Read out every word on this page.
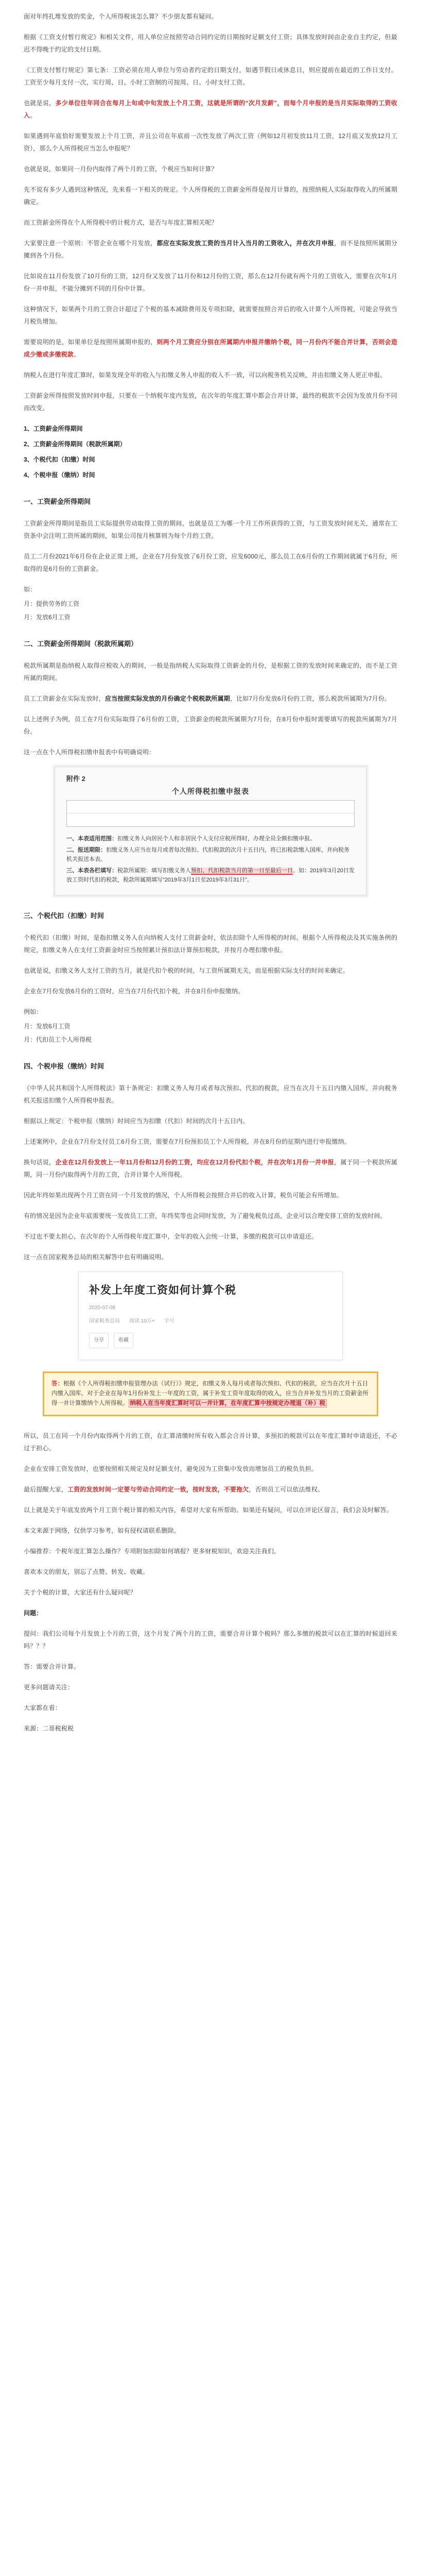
面对年终扎堆发放的奖金，个人所得税该怎么算？不少朋友都有疑问。

根据《工资支付暂行规定》和相关文件，用人单位应按照劳动合同约定的日期按时足额支付工资；具体发放时间由企业自主约定，但最迟不得晚于约定的支付日期。

《工资支付暂行规定》第七条：工资必须在用人单位与劳动者约定的日期支付，如遇节假日或休息日，则应提前在最近的工作日支付。工资至少每月支付一次，实行周、日、小时工资制的可按周、日、小时支付工资。

也就是说，多少单位往年同合在每月上旬或中旬发放上个月工资，这就是所谓的“次月发薪”，而每个月申报的是当月实际取得的工资收入。

如果遇到年底恰好需要发放上个月工资，并且公司在年底前一次性发放了两次工资（例如12月初发放11月工资，12月底又发放12月工资），那么个人所得税应当怎么申报呢？

也就是说，如果同一月份内取得了两个月的工资，个税应当如何计算？

先不说有多少人遇到这种情况，先来看一下相关的规定。个人所得税的工资薪金所得是按月计算的，按照纳税人实际取得收入的所属期确定。

而工资薪金所得在个人所得税中的计税方式，是否与年度汇算相关呢？

大家要注意一个原则：不管企业在哪个月发放，都应在实际发放工资的当月计入当月的工资收入，并在次月申报，而不是按照所属期分摊到各个月份。

比如说在11月份发放了10月份的工资，12月份又发放了11月份和12月份的工资，那么在12月份就有两个月的工资收入，需要在次年1月份一并申报，不能分摊到不同的月份中计算。

这种情况下，如果两个月的工资合计超过了个税的基本减除费用及专项扣除，就需要按照合并后的收入计算个人所得税，可能会导致当月税负增加。

需要说明的是，如果单位是按照所属期申报的，则两个月工资应分别在所属期内申报并缴纳个税，同一月份内不能合并计算，否则会造成少缴或多缴税款。

纳税人在进行年度汇算时，如果发现全年的收入与扣缴义务人申报的收入不一致，可以向税务机关反映，并由扣缴义务人更正申报。

工资薪金所得按照发放时间申报，只要在一个纳税年度内发放，在次年的年度汇算中都会合并计算，最终的税款不会因为发放月份不同而改变。

1、工资薪金所得期间
2、工资薪金所得期间（税款所属期）
3、个税代扣（扣缴）时间
4、个税申报（缴纳）时间
一、工资薪金所得期间

工资薪金所得期间是指员工实际提供劳动取得工资的期间，也就是员工为哪一个月工作所获得的工资，与工资发放时间无关，通常在工资条中会注明工资所属的期间，如果公司按月核算则为每个月的工资。

员工二月份2021年6月份在企业正常上班，企业在7月份发放了6月份工资，应发6000元，那么员工在6月份的工作期间就属于6月份，所取得的是6月份的工资薪金。

如：
月：提供劳务的工资
月：发放6月工资
二、工资薪金所得期间（税款所属期）

税款所属期是指纳税人取得应税收入的期间，一般是指纳税人实际取得工资薪金的月份，是根据工资的发放时间来确定的，而不是工资所属的期间。

员工工资薪金在实际发放时，应当按照实际发放的月份确定个税税款所属期，比如7月份发放6月份的工资，那么税款所属期为7月份。

以上述例子为例，员工在7月份实际取得了6月份的工资，工资薪金的税款所属期为7月份，在8月份申报时需要填写的税款所属期为7月份。

这一点在个人所得税扣缴申报表中有明确说明：

附件 2
个人所得税扣缴申报表
一、本表适用范围：扣缴义务人向居民个人和非居民个人支付应税所得时，办理全员全额扣缴申报。
二、报送期限：扣缴义务人应当在每月或者每次预扣、代扣税款的次月十五日内，将已扣税款缴入国库，并向税务机关报送本表。
三、本表各栏填写：税款所属期：填写扣缴义务人预扣、代扣税款当月的第一日至最后一日。如：2019年3月20日发放工资时代扣的税款，税款所属期填写“2019年3月1日至2019年3月31日”。
三、个税代扣（扣缴）时间

个税代扣（扣缴）时间，是指扣缴义务人在向纳税人支付工资薪金时，依法扣除个人所得税的时间。根据个人所得税法及其实施条例的规定，扣缴义务人在支付工资薪金时应当按照累计预扣法计算预扣税款，并按月办理扣缴申报。

也就是说，扣缴义务人支付工资的当月，就是代扣个税的时间，与工资所属期无关，而是根据实际支付的时间来确定。

企业在7月份发放6月份的工资时，应当在7月份代扣个税，并在8月份申报缴纳。

例如：
月：发放6月工资
月：代扣员工个人所得税
四、个税申报（缴纳）时间

《中华人民共和国个人所得税法》第十条规定：扣缴义务人每月或者每次预扣、代扣的税款，应当在次月十五日内缴入国库，并向税务机关报送扣缴个人所得税申报表。

根据以上规定：个税申报（缴纳）时间应当为扣缴（代扣）时间的次月十五日内。

上述案例中，企业在7月份支付员工6月份工资，需要在7月份预扣员工个人所得税，并在8月份的征期内进行申报缴纳。

换句话说，企业在12月份发放上一年11月份和12月份的工资，均应在12月份代扣个税，并在次年1月份一并申报，属于同一个税款所属期，同一月份内取得两个月的工资，合并计算个人所得税。

因此年终如果出现两个月工资在同一个月发放的情况，个人所得税会按照合并后的收入计算，税负可能会有所增加。

有的情况是因为企业年底需要统一发放员工工资，年终奖等也会同时发放，为了避免税负过高，企业可以合理安排工资的发放时间。

不过也不要太担心，在次年的个人所得税年度汇算中，全年的收入会统一计算，多缴的税款可以申请退还。

这一点在国家税务总局的相关解答中也有明确说明。

补发上年度工资如何计算个税
2020-07-08
国家税务总局 阅读 10万+ 字号
分享	收藏
答：根据《个人所得税扣缴申报管理办法（试行）》规定，扣缴义务人每月或者每次预扣、代扣的税款，应当在次月十五日内缴入国库。对于企业在每年1月份补发上一年度的工资，属于补发工资年度取得的收入，应当合并补发当月的工资薪金所得一并计算缴纳个人所得税。 纳税人在当年度汇算时可以一并计算，在年度汇算中按规定办理退（补）税

所以，员工在同一个月份内取得两个月的工资，在汇算清缴时所有收入都会合并计算，多预扣的税款可以在年度汇算时申请退还，不必过于担心。

企业在安排工资发放时，也要按照相关规定及时足额支付，避免因为工资集中发放而增加员工的税负负担。

最后提醒大家，工资的发放时间一定要与劳动合同约定一致，按时发放，不要拖欠，否则员工可以依法维权。

以上就是关于年底发放两个月工资个税计算的相关内容，希望对大家有所帮助。如果还有疑问，可以在评论区留言，我们会及时解答。

本文来源于网络，仅供学习参考，如有侵权请联系删除。

小编推荐：个税年度汇算怎么操作？专项附加扣除如何填报？更多财税知识，欢迎关注我们。

喜欢本文的朋友，别忘了点赞、转发、收藏。

关于个税的计算，大家还有什么疑问呢？

问题：

提问：我们公司每个月发放上个月的工资，这个月发了两个月的工资，需要合并计算个税吗？那么多缴的税款可以在汇算的时候退回来吗？？？

答：需要合并计算。

更多问题请关注：

大家都在看：

来源：二哥税税税
